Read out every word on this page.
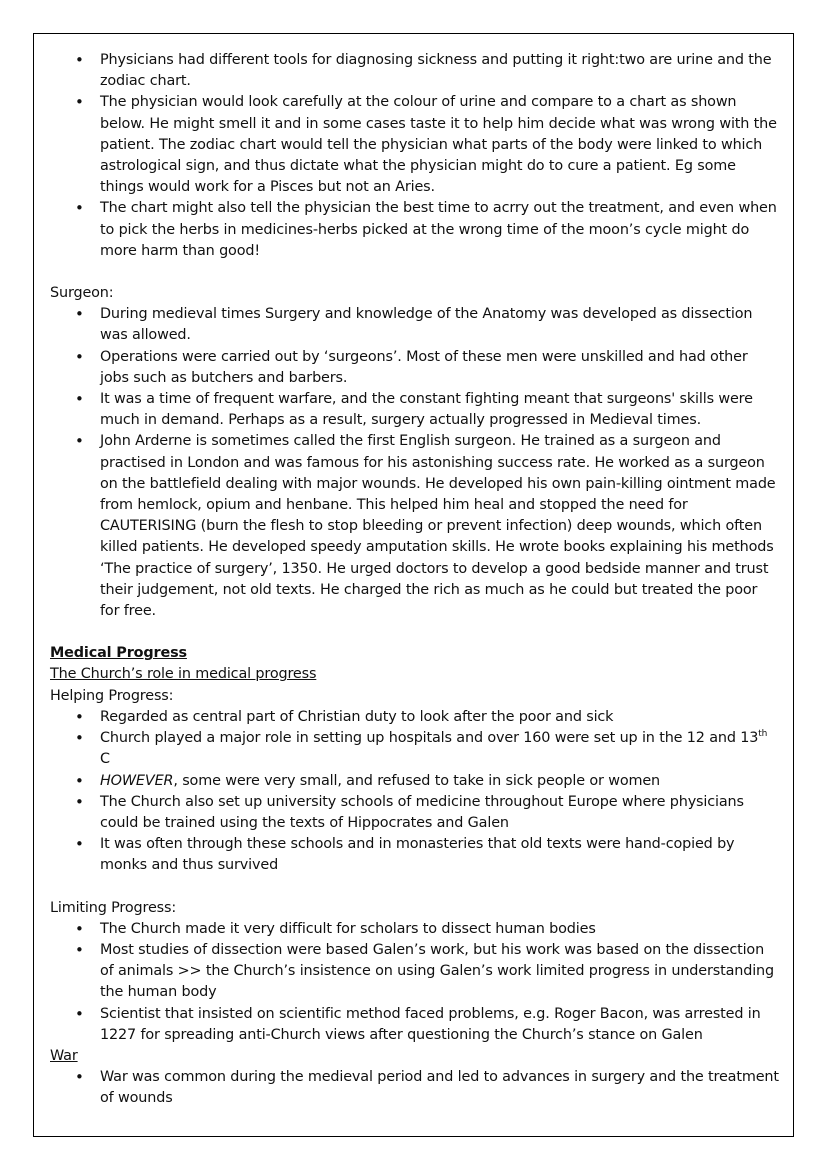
• Physicians had different tools for diagnosing sickness and putting it right:two are urine and the zodiac chart.
• The physician would look carefully at the colour of urine and compare to a chart as shown below. He might smell it and in some cases taste it to help him decide what was wrong with the patient. The zodiac chart would tell the physician what parts of the body were linked to which astrological sign, and thus dictate what the physician might do to cure a patient. Eg some things would work for a Pisces but not an Aries.
• The chart might also tell the physician the best time to acrry out the treatment, and even when to pick the herbs in medicines-herbs picked at the wrong time of the moon’s cycle might do more harm than good!
Surgeon:
• During medieval times Surgery and knowledge of the Anatomy was developed as dissection was allowed.
• Operations were carried out by ‘surgeons’. Most of these men were unskilled and had other jobs such as butchers and barbers.
• It was a time of frequent warfare, and the constant fighting meant that surgeons' skills were much in demand. Perhaps as a result, surgery actually progressed in Medieval times.
• John Arderne is sometimes called the first English surgeon. He trained as a surgeon and practised in London and was famous for his astonishing success rate. He worked as a surgeon on the battlefield dealing with major wounds. He developed his own pain-killing ointment made from hemlock, opium and henbane. This helped him heal and stopped the need for CAUTERISING (burn the flesh to stop bleeding or prevent infection) deep wounds, which often killed patients. He developed speedy amputation skills. He wrote books explaining his methods ‘The practice of surgery’, 1350. He urged doctors to develop a good bedside manner and trust their judgement, not old texts. He charged the rich as much as he could but treated the poor for free.
Medical Progress
The Church’s role in medical progress
Helping Progress:
• Regarded as central part of Christian duty to look after the poor and sick
• Church played a major role in setting up hospitals and over 160 were set up in the 12 and 13th C
• HOWEVER, some were very small, and refused to take in sick people or women
• The Church also set up university schools of medicine throughout Europe where physicians could be trained using the texts of Hippocrates and Galen
• It was often through these schools and in monasteries that old texts were hand-copied by monks and thus survived
Limiting Progress:
• The Church made it very difficult for scholars to dissect human bodies
• Most studies of dissection were based Galen’s work, but his work was based on the dissection of animals >> the Church’s insistence on using Galen’s work limited progress in understanding the human body
• Scientist that insisted on scientific method faced problems, e.g. Roger Bacon, was arrested in 1227 for spreading anti-Church views after questioning the Church’s stance on Galen
War
• War was common during the medieval period and led to advances in surgery and the treatment of wounds
